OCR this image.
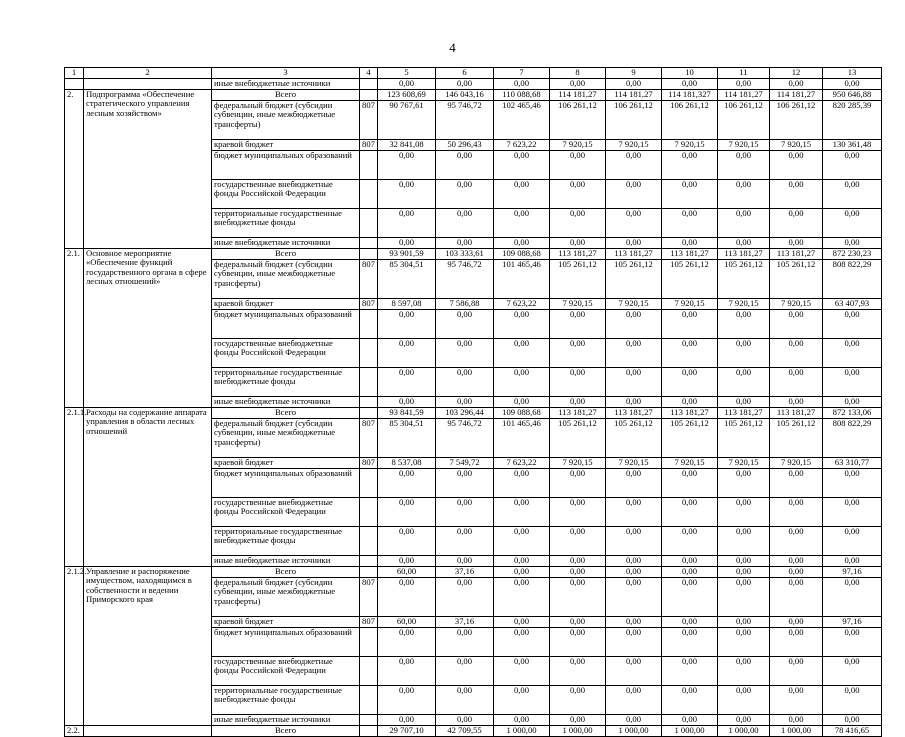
4
1	2	3	4	5	6	7	8	9	10	11	12	13
		иные внебюджетные источники		0,00	0,00	0,00	0,00	0,00	0,00	0,00	0,00	0,00
2.	Подпрограмма «Обеспечение стратегического управления лесным хозяйством»	Всего		123 608,69	146 043,16	110 088,68	114 181,27	114 181,27	114 181,327	114 181,27	114 181,27	950 646,88
		федеральный бюджет (субсидии субвенции, иные межбюджетные трансферты)	807	90 767,61	95 746,72	102 465,46	106 261,12	106 261,12	106 261,12	106 261,12	106 261,12	820 285,39
		краевой бюджет	807	32 841,08	50 296,43	7 623,22	7 920,15	7 920,15	7 920,15	7 920,15	7 920,15	130 361,48
		бюджет муниципальных образований		0,00	0,00	0,00	0,00	0,00	0,00	0,00	0,00	0,00
		государственные внебюджетные фонды Российской Федерации		0,00	0,00	0,00	0,00	0,00	0,00	0,00	0,00	0,00
		территориальные государственные внебюджетные фонды		0,00	0,00	0,00	0,00	0,00	0,00	0,00	0,00	0,00
		иные внебюджетные источники		0,00	0,00	0,00	0,00	0,00	0,00	0,00	0,00	0,00
2.1.	Основное мероприятие «Обеспечение функций государственного органа в сфере лесных отношений»	Всего		93 901,59	103 333,61	109 088,68	113 181,27	113 181,27	113 181,27	113 181,27	113 181,27	872 230,23
		федеральный бюджет (субсидии субвенции, иные межбюджетные трансферты)	807	85 304,51	95 746,72	101 465,46	105 261,12	105 261,12	105 261,12	105 261,12	105 261,12	808 822,29
		краевой бюджет	807	8 597,08	7 586,88	7 623,22	7 920,15	7 920,15	7 920,15	7 920,15	7 920,15	63 407,93
		бюджет муниципальных образований		0,00	0,00	0,00	0,00	0,00	0,00	0,00	0,00	0,00
		государственные внебюджетные фонды Российской Федерации		0,00	0,00	0,00	0,00	0,00	0,00	0,00	0,00	0,00
		территориальные государственные внебюджетные фонды		0,00	0,00	0,00	0,00	0,00	0,00	0,00	0,00	0,00
		иные внебюджетные источники		0,00	0,00	0,00	0,00	0,00	0,00	0,00	0,00	0,00
2.1.1.	Расходы на содержание аппарата управления в области лесных отношений	Всего		93 841,59	103 296,44	109 088,68	113 181,27	113 181,27	113 181,27	113 181,27	113 181,27	872 133,06
		федеральный бюджет (субсидии субвенции, иные межбюджетные трансферты)	807	85 304,51	95 746,72	101 465,46	105 261,12	105 261,12	105 261,12	105 261,12	105 261,12	808 822,29
		краевой бюджет	807	8 537,08	7 549,72	7 623,22	7 920,15	7 920,15	7 920,15	7 920,15	7 920,15	63 310,77
		бюджет муниципальных образований		0,00	0,00	0,00	0,00	0,00	0,00	0,00	0,00	0,00
		государственные внебюджетные фонды Российской Федерации		0,00	0,00	0,00	0,00	0,00	0,00	0,00	0,00	0,00
		территориальные государственные внебюджетные фонды		0,00	0,00	0,00	0,00	0,00	0,00	0,00	0,00	0,00
		иные внебюджетные источники		0,00	0,00	0,00	0,00	0,00	0,00	0,00	0,00	0,00
2.1.2.	Управление и распоряжение имуществом, находящимся в собственности и ведении Приморского края	Всего		60,00	37,16	0,00	0,00	0,00	0,00	0,00	0,00	97,16
		федеральный бюджет (субсидии субвенции, иные межбюджетные трансферты)	807	0,00	0,00	0,00	0,00	0,00	0,00	0,00	0,00	0,00
		краевой бюджет	807	60,00	37,16	0,00	0,00	0,00	0,00	0,00	0,00	97,16
		бюджет муниципальных образований		0,00	0,00	0,00	0,00	0,00	0,00	0,00	0,00	0,00
		государственные внебюджетные фонды Российской Федерации		0,00	0,00	0,00	0,00	0,00	0,00	0,00	0,00	0,00
		территориальные государственные внебюджетные фонды		0,00	0,00	0,00	0,00	0,00	0,00	0,00	0,00	0,00
		иные внебюджетные источники		0,00	0,00	0,00	0,00	0,00	0,00	0,00	0,00	0,00
2.2.		Всего		29 707,10	42 709,55	1 000,00	1 000,00	1 000,00	1 000,00	1 000,00	1 000,00	78 416,65
